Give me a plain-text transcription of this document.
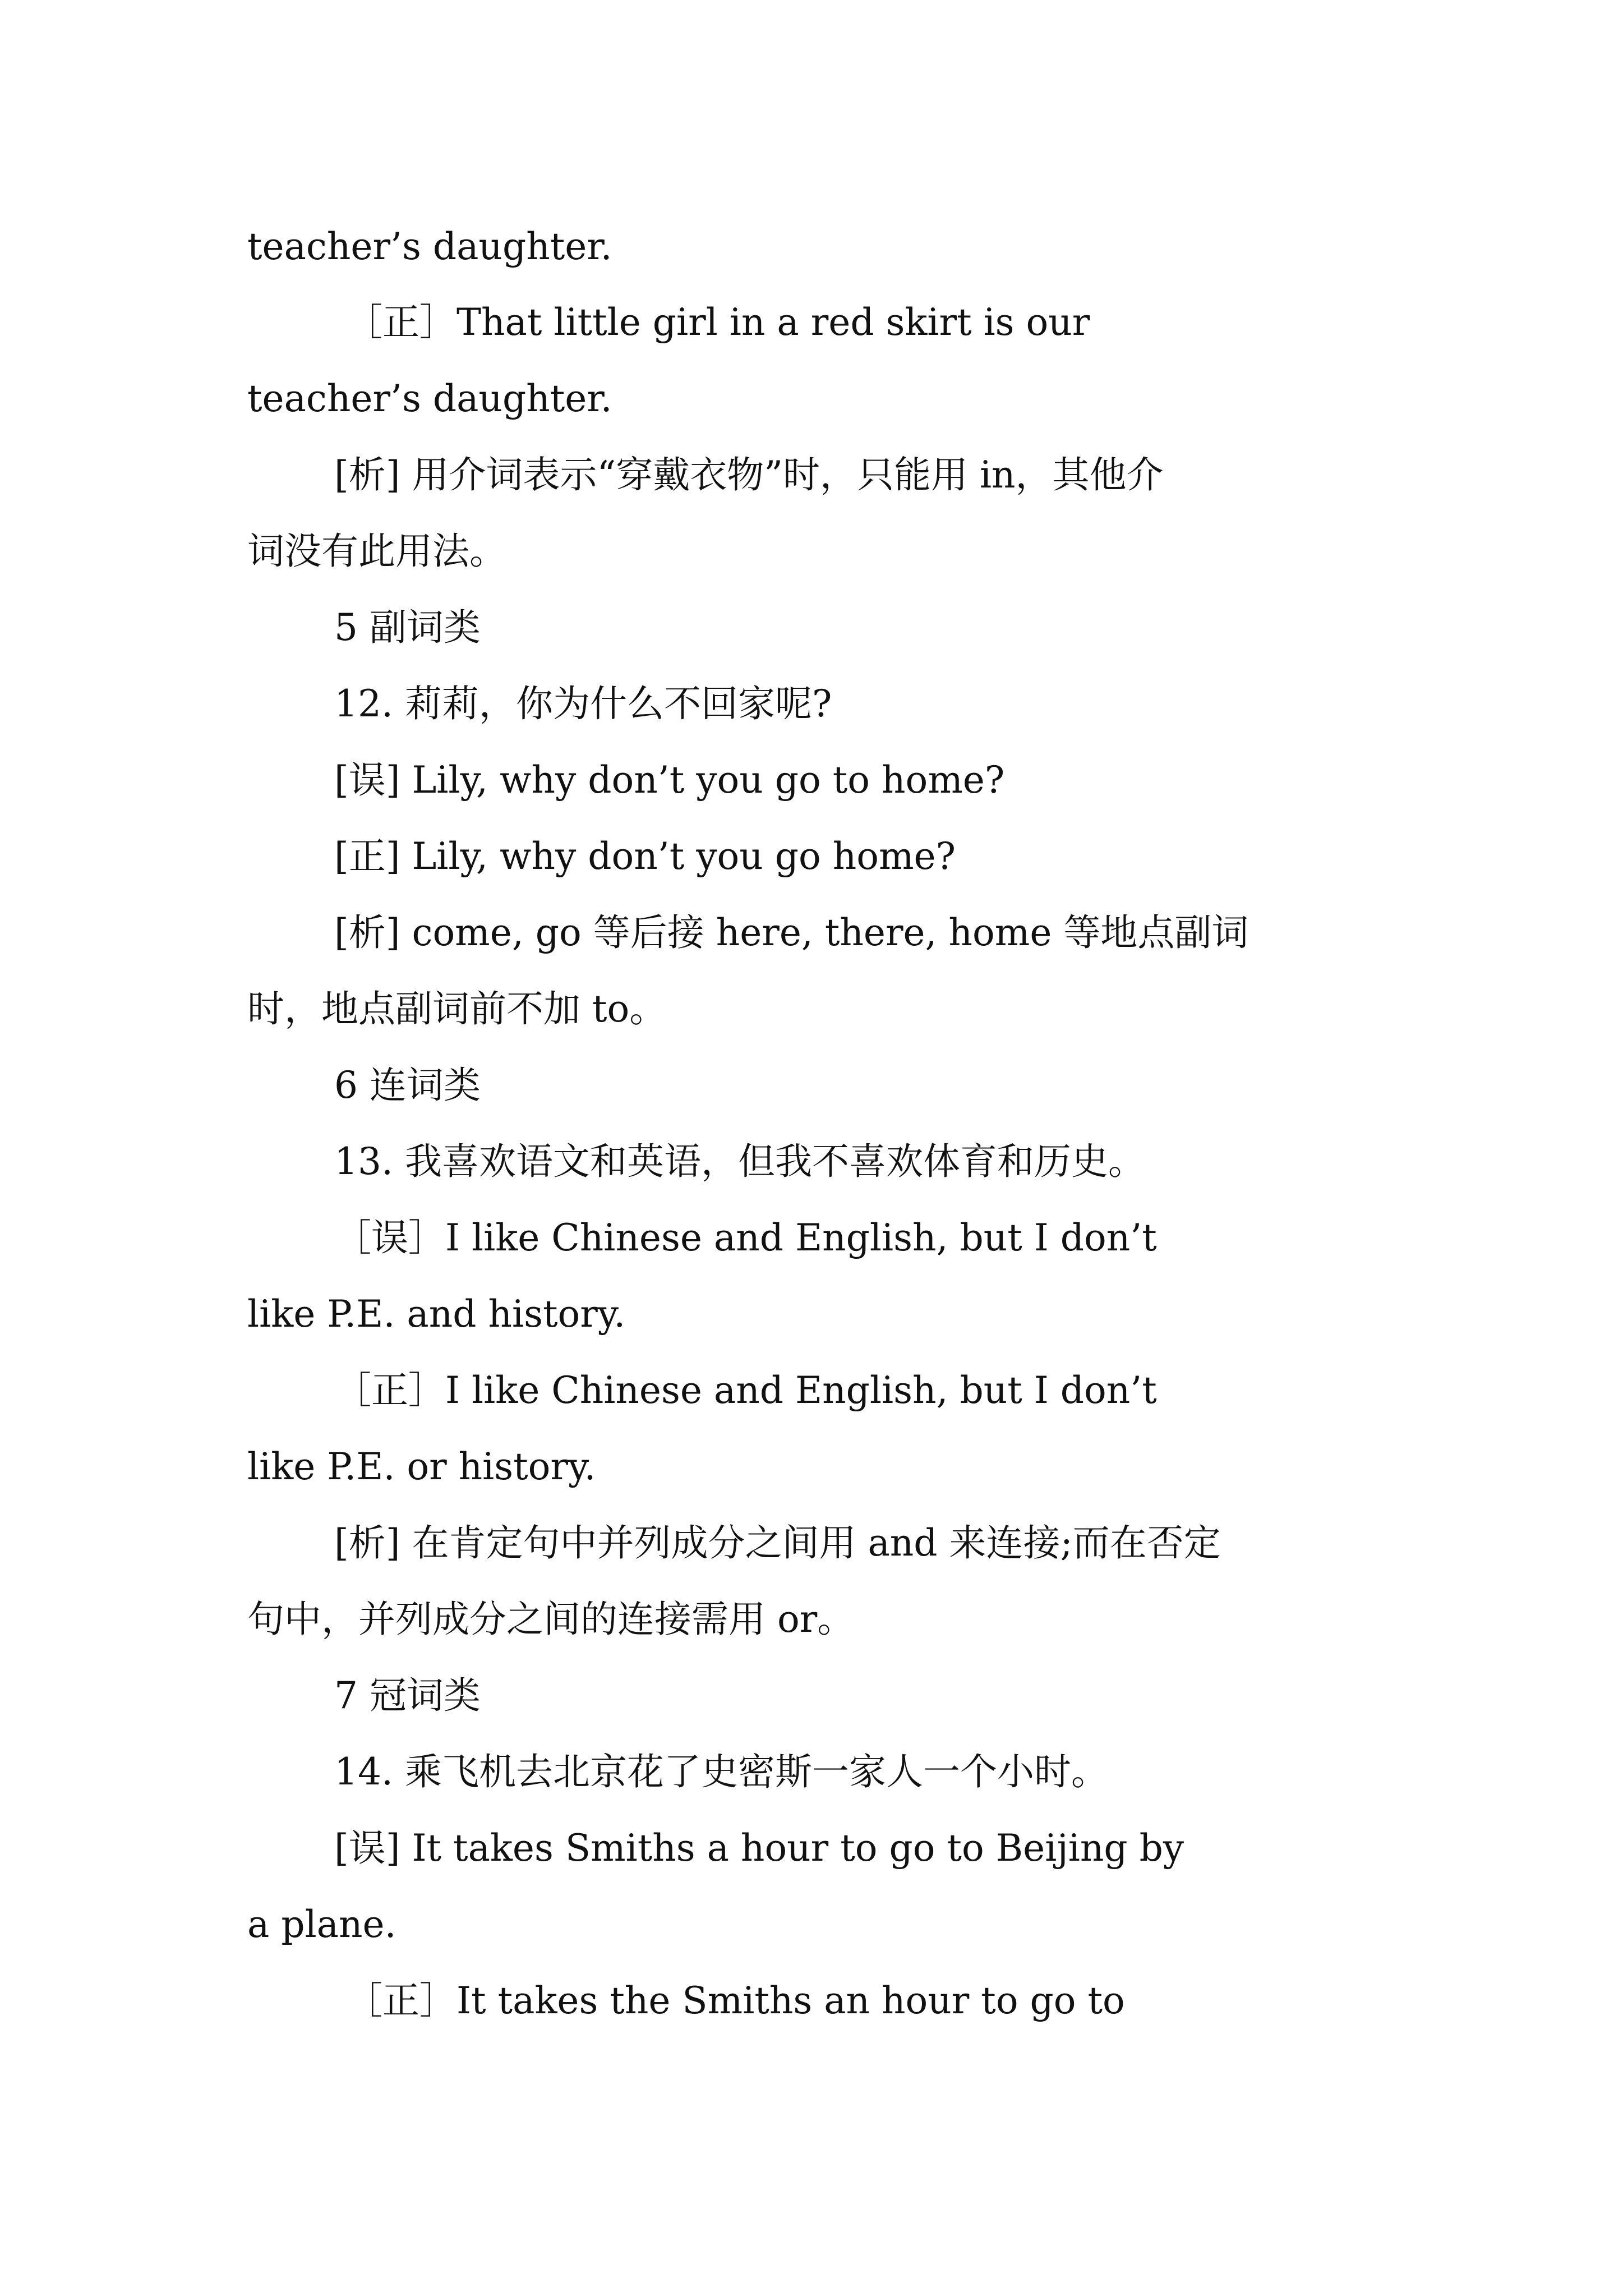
teacher’s daughter.

［正］That little girl in a red skirt is our

teacher’s daughter.

[析] 用介词表示“穿戴衣物”时，只能用 in，其他介

词没有此用法。

5 副词类

12. 莉莉，你为什么不回家呢?

[误] Lily, why don’t you go to home?

[正] Lily, why don’t you go home?

[析] come, go 等后接 here, there, home 等地点副词

时，地点副词前不加 to。

6 连词类

13. 我喜欢语文和英语，但我不喜欢体育和历史。

［误］I like Chinese and English, but I don’t

like P.E. and history.

［正］I like Chinese and English, but I don’t

like P.E. or history.

[析] 在肯定句中并列成分之间用 and 来连接;而在否定

句中，并列成分之间的连接需用 or。

7 冠词类

14. 乘飞机去北京花了史密斯一家人一个小时。

[误] It takes Smiths a hour to go to Beijing by

a plane.

［正］It takes the Smiths an hour to go to
